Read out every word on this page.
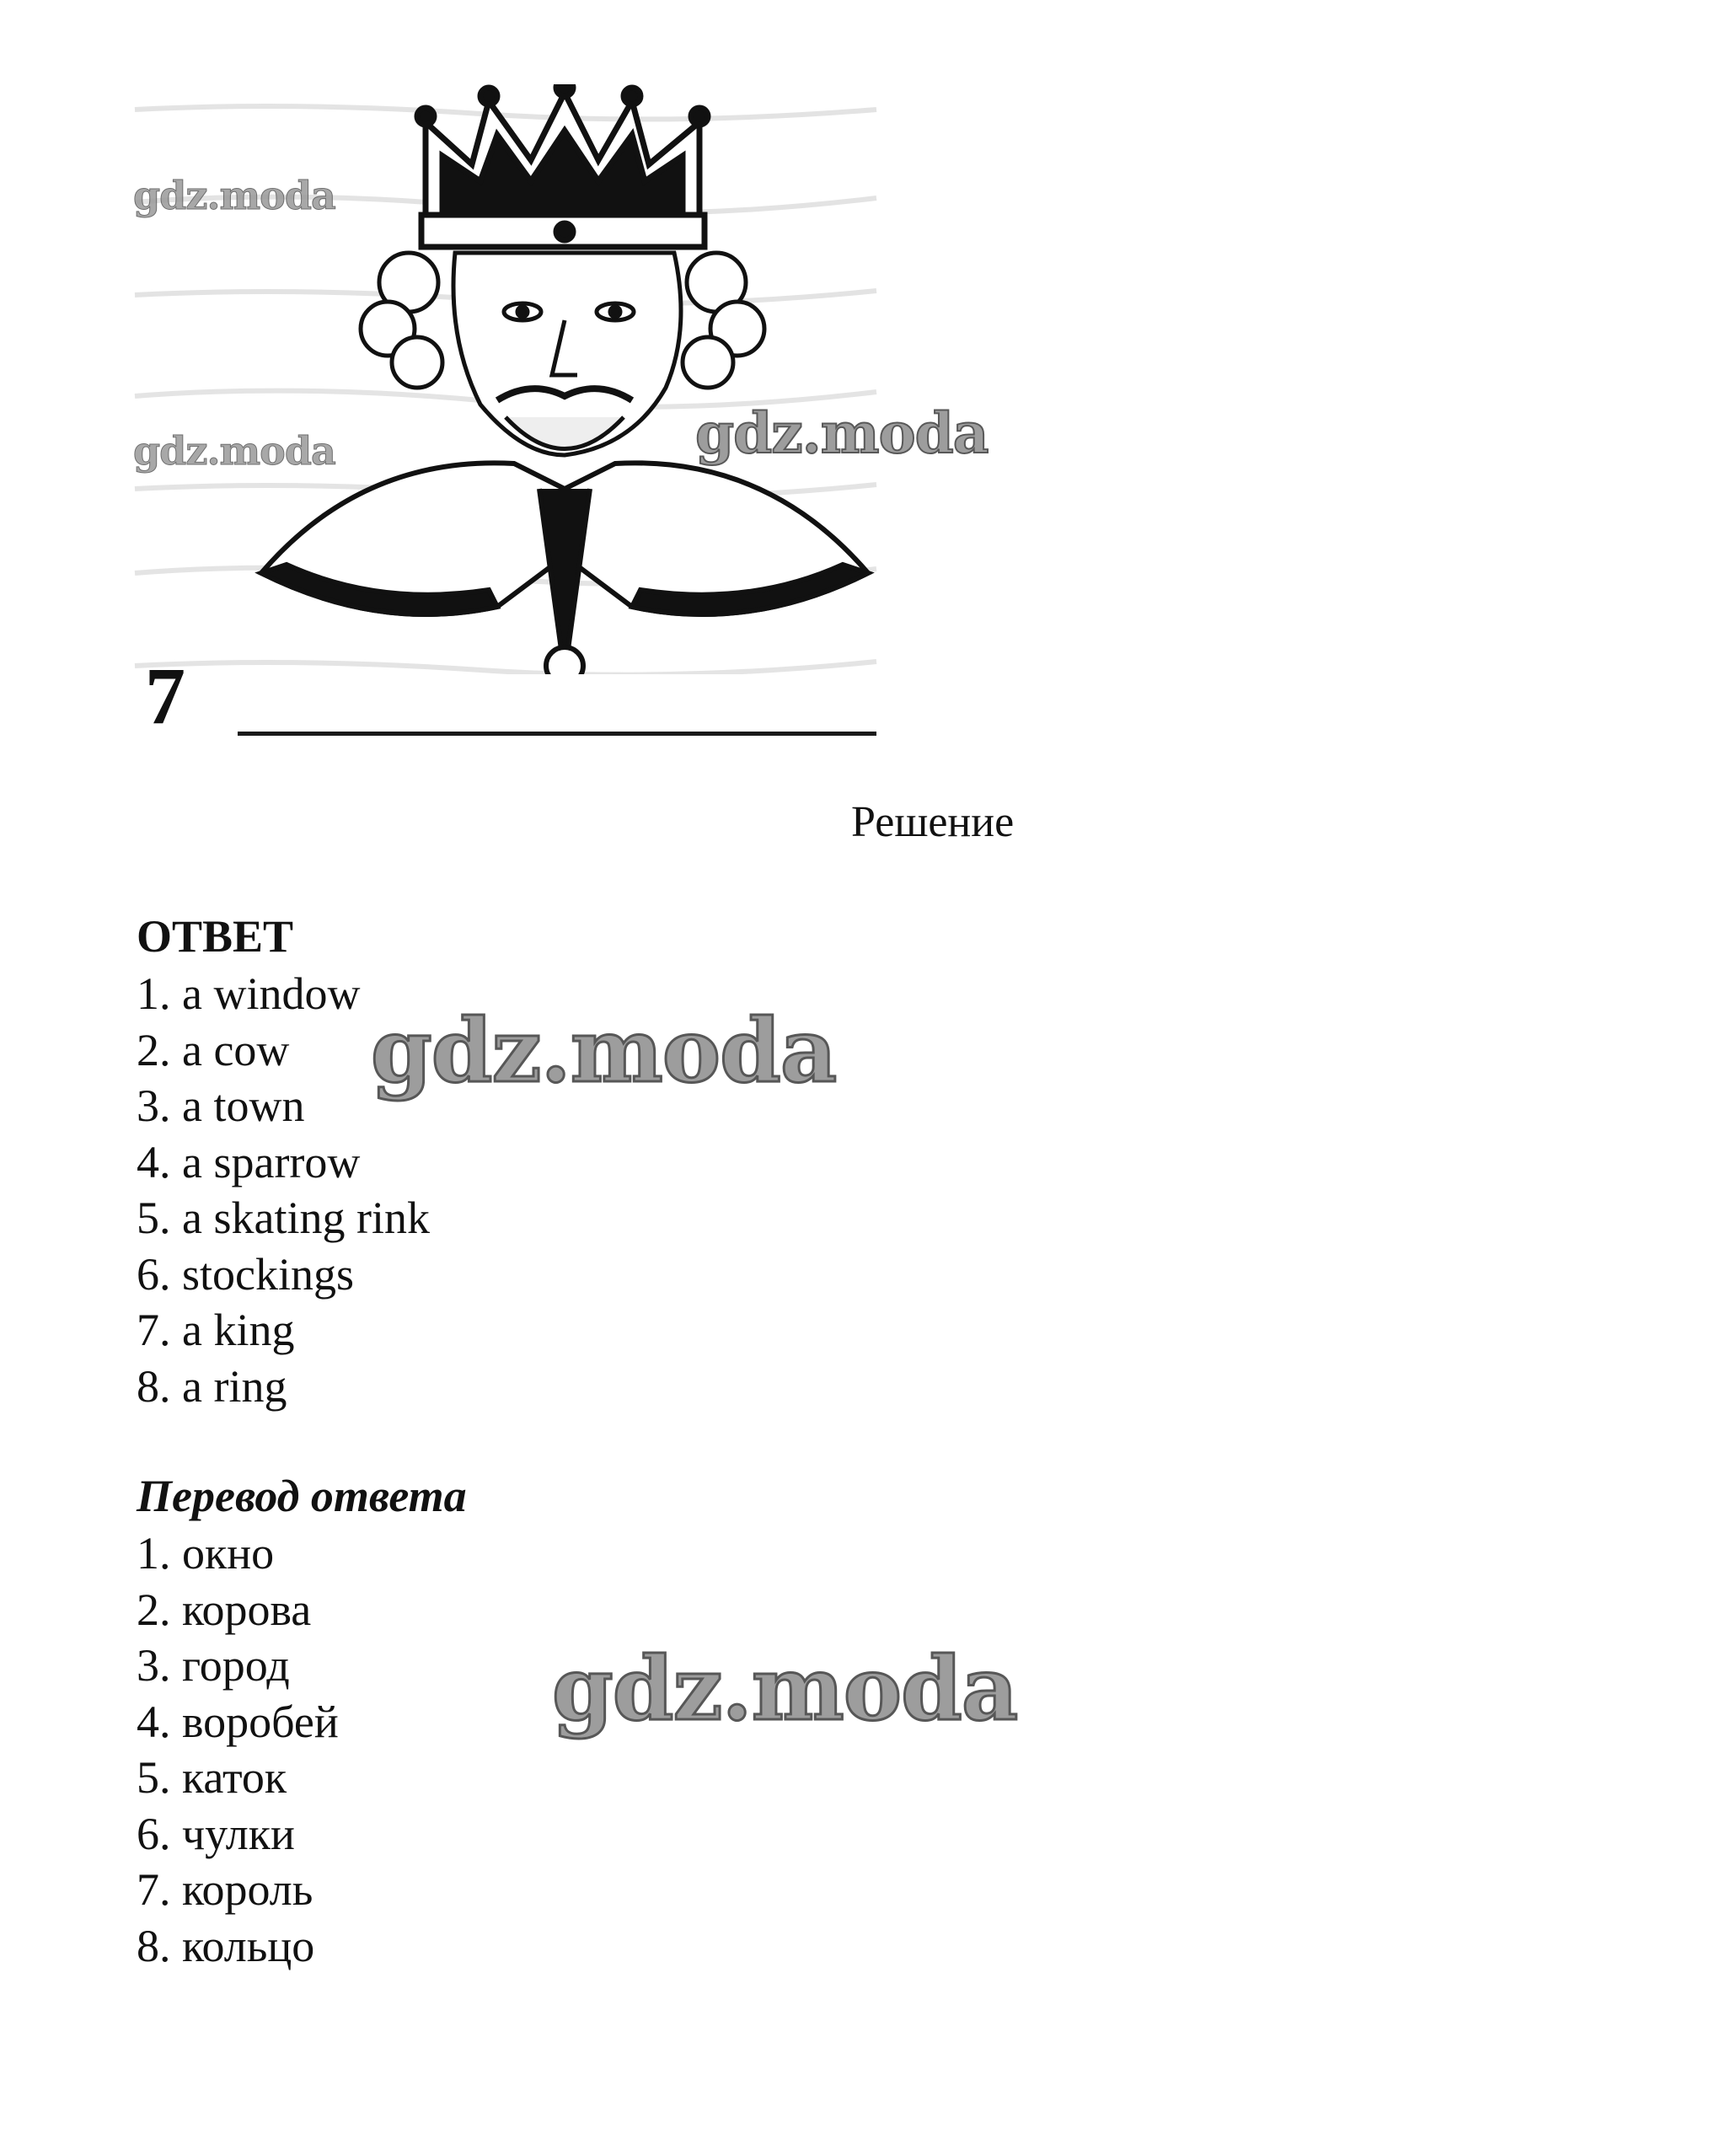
gdz.moda
gdz.moda	gdz.moda
gdz.moda
gdz.moda
7
Решение
ОТВЕТ
1. a window
2. a cow
3. a town
4. a sparrow
5. a skating rink
6. stockings
7. a king
8. a ring
Перевод ответа
1. окно
2. корова
3. город
4. воробей
5. каток
6. чулки
7. король
8. кольцо
